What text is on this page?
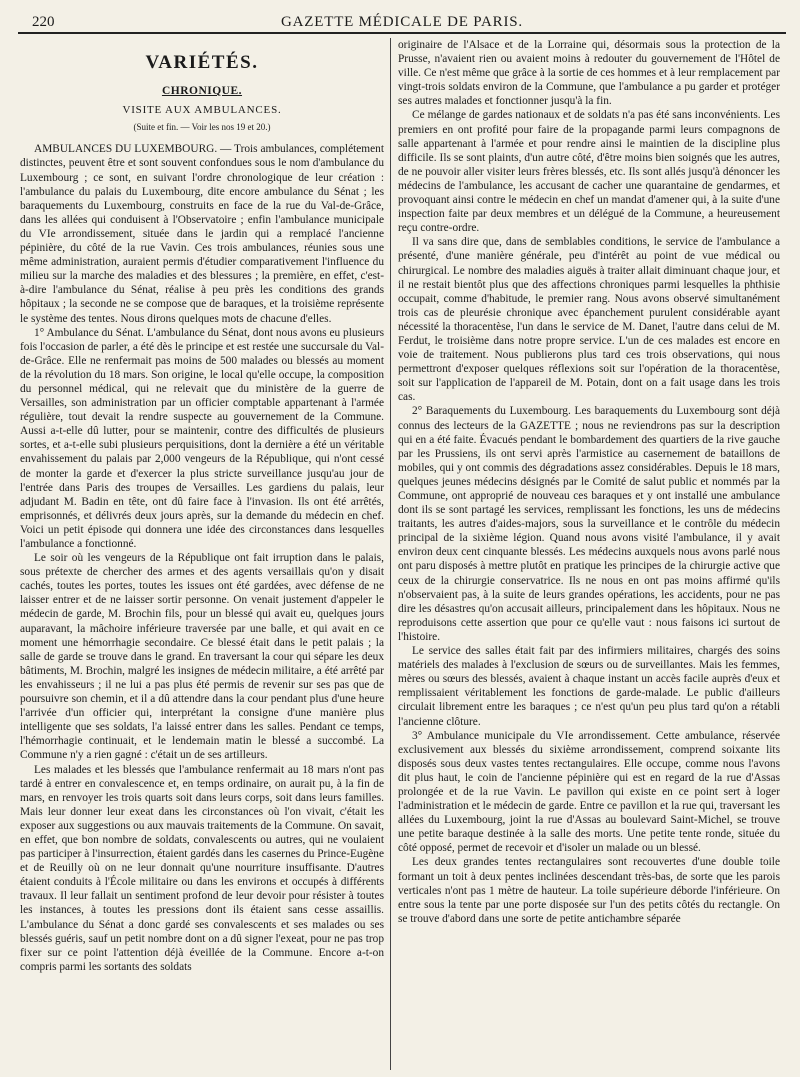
220	GAZETTE MÉDICALE DE PARIS.
VARIÉTÉS.
CHRONIQUE.
VISITE AUX AMBULANCES.
(Suite et fin. — Voir les nos 19 et 20.)

AMBULANCES DU LUXEMBOURG. — Trois ambulances, complétement distinctes, peuvent être et sont souvent confondues sous le nom d'ambulance du Luxembourg ; ce sont, en suivant l'ordre chronologique de leur création : l'ambulance du palais du Luxembourg, dite encore ambulance du Sénat ; les baraquements du Luxembourg, construits en face de la rue du Val-de-Grâce, dans les allées qui conduisent à l'Observatoire ; enfin l'ambulance municipale du VIe arrondissement, située dans le jardin qui a remplacé l'ancienne pépinière, du côté de la rue Vavin. Ces trois ambulances, réunies sous une même administration, auraient permis d'étudier comparativement l'influence du milieu sur la marche des maladies et des blessures ; la première, en effet, c'est-à-dire l'ambulance du Sénat, réalise à peu près les conditions des grands hôpitaux ; la seconde ne se compose que de baraques, et la troisième représente le système des tentes. Nous dirons quelques mots de chacune d'elles.

1° Ambulance du Sénat. L'ambulance du Sénat, dont nous avons eu plusieurs fois l'occasion de parler, a été dès le principe et est restée une succursale du Val-de-Grâce. Elle ne renfermait pas moins de 500 malades ou blessés au moment de la révolution du 18 mars. Son origine, le local qu'elle occupe, la composition du personnel médical, qui ne relevait que du ministère de la guerre de Versailles, son administration par un officier comptable appartenant à l'armée régulière, tout devait la rendre suspecte au gouvernement de la Commune. Aussi a-t-elle dû lutter, pour se maintenir, contre des difficultés de plusieurs sortes, et a-t-elle subi plusieurs perquisitions, dont la dernière a été un véritable envahissement du palais par 2,000 vengeurs de la République, qui n'ont cessé de monter la garde et d'exercer la plus stricte surveillance jusqu'au jour de l'entrée dans Paris des troupes de Versailles. Les gardiens du palais, leur adjudant M. Badin en tête, ont dû faire face à l'invasion. Ils ont été arrêtés, emprisonnés, et délivrés deux jours après, sur la demande du médecin en chef. Voici un petit épisode qui donnera une idée des circonstances dans lesquelles l'ambulance a fonctionné.

Le soir où les vengeurs de la République ont fait irruption dans le palais, sous prétexte de chercher des armes et des agents versaillais qu'on y disait cachés, toutes les portes, toutes les issues ont été gardées, avec défense de ne laisser entrer et de ne laisser sortir personne. On venait justement d'appeler le médecin de garde, M. Brochin fils, pour un blessé qui avait eu, quelques jours auparavant, la mâchoire inférieure traversée par une balle, et qui avait en ce moment une hémorrhagie secondaire. Ce blessé était dans le petit palais ; la salle de garde se trouve dans le grand. En traversant la cour qui sépare les deux bâtiments, M. Brochin, malgré les insignes de médecin militaire, a été arrêté par les envahisseurs ; il ne lui a pas plus été permis de revenir sur ses pas que de poursuivre son chemin, et il a dû attendre dans la cour pendant plus d'une heure l'arrivée d'un officier qui, interprétant la consigne d'une manière plus intelligente que ses soldats, l'a laissé entrer dans les salles. Pendant ce temps, l'hémorrhagie continuait, et le lendemain matin le blessé a succombé. La Commune n'y a rien gagné : c'était un de ses artilleurs.

Les malades et les blessés que l'ambulance renfermait au 18 mars n'ont pas tardé à entrer en convalescence et, en temps ordinaire, on aurait pu, à la fin de mars, en renvoyer les trois quarts soit dans leurs corps, soit dans leurs familles. Mais leur donner leur exeat dans les circonstances où l'on vivait, c'était les exposer aux suggestions ou aux mauvais traitements de la Commune. On savait, en effet, que bon nombre de soldats, convalescents ou autres, qui ne voulaient pas participer à l'insurrection, étaient gardés dans les casernes du Prince-Eugène et de Reuilly où on ne leur donnait qu'une nourriture insuffisante. D'autres étaient conduits à l'École militaire ou dans les environs et occupés à différents travaux. Il leur fallait un sentiment profond de leur devoir pour résister à toutes les instances, à toutes les pressions dont ils étaient sans cesse assaillis. L'ambulance du Sénat a donc gardé ses convalescents et ses malades ou ses blessés guéris, sauf un petit nombre dont on a dû signer l'exeat, pour ne pas trop fixer sur ce point l'attention déjà éveillée de la Commune. Encore a-t-on compris parmi les sortants des soldats

originaire de l'Alsace et de la Lorraine qui, désormais sous la protection de la Prusse, n'avaient rien ou avaient moins à redouter du gouvernement de l'Hôtel de ville. Ce n'est même que grâce à la sortie de ces hommes et à leur remplacement par vingt-trois soldats environ de la Commune, que l'ambulance a pu garder et protéger ses autres malades et fonctionner jusqu'à la fin.

Ce mélange de gardes nationaux et de soldats n'a pas été sans inconvénients. Les premiers en ont profité pour faire de la propagande parmi leurs compagnons de salle appartenant à l'armée et pour rendre ainsi le maintien de la discipline plus difficile. Ils se sont plaints, d'un autre côté, d'être moins bien soignés que les autres, de ne pouvoir aller visiter leurs frères blessés, etc. Ils sont allés jusqu'à dénoncer les médecins de l'ambulance, les accusant de cacher une quarantaine de gendarmes, et provoquant ainsi contre le médecin en chef un mandat d'amener qui, à la suite d'une inspection faite par deux membres et un délégué de la Commune, a heureusement reçu contre-ordre.

Il va sans dire que, dans de semblables conditions, le service de l'ambulance a présenté, d'une manière générale, peu d'intérêt au point de vue médical ou chirurgical. Le nombre des maladies aiguës à traiter allait diminuant chaque jour, et il ne restait bientôt plus que des affections chroniques parmi lesquelles la phthisie occupait, comme d'habitude, le premier rang. Nous avons observé simultanément trois cas de pleurésie chronique avec épanchement purulent considérable ayant nécessité la thoracentèse, l'un dans le service de M. Danet, l'autre dans celui de M. Ferdut, le troisième dans notre propre service. L'un de ces malades est encore en voie de traitement. Nous publierons plus tard ces trois observations, qui nous permettront d'exposer quelques réflexions soit sur l'opération de la thoracentèse, soit sur l'application de l'appareil de M. Potain, dont on a fait usage dans les trois cas.

2° Baraquements du Luxembourg. Les baraquements du Luxembourg sont déjà connus des lecteurs de la GAZETTE ; nous ne reviendrons pas sur la description qui en a été faite. Évacués pendant le bombardement des quartiers de la rive gauche par les Prussiens, ils ont servi après l'armistice au casernement de bataillons de mobiles, qui y ont commis des dégradations assez considérables. Depuis le 18 mars, quelques jeunes médecins désignés par le Comité de salut public et nommés par la Commune, ont approprié de nouveau ces baraques et y ont installé une ambulance dont ils se sont partagé les services, remplissant les fonctions, les uns de médecins traitants, les autres d'aides-majors, sous la surveillance et le contrôle du médecin principal de la sixième légion. Quand nous avons visité l'ambulance, il y avait environ deux cent cinquante blessés. Les médecins auxquels nous avons parlé nous ont paru disposés à mettre plutôt en pratique les principes de la chirurgie active que ceux de la chirurgie conservatrice. Ils ne nous en ont pas moins affirmé qu'ils n'observaient pas, à la suite de leurs grandes opérations, les accidents, pour ne pas dire les désastres qu'on accusait ailleurs, principalement dans les hôpitaux. Nous ne reproduisons cette assertion que pour ce qu'elle vaut : nous faisons ici surtout de l'histoire.

Le service des salles était fait par des infirmiers militaires, chargés des soins matériels des malades à l'exclusion de sœurs ou de surveillantes. Mais les femmes, mères ou sœurs des blessés, avaient à chaque instant un accès facile auprès d'eux et remplissaient véritablement les fonctions de garde-malade. Le public d'ailleurs circulait librement entre les baraques ; ce n'est qu'un peu plus tard qu'on a rétabli l'ancienne clôture.

3° Ambulance municipale du VIe arrondissement. Cette ambulance, réservée exclusivement aux blessés du sixième arrondissement, comprend soixante lits disposés sous deux vastes tentes rectangulaires. Elle occupe, comme nous l'avons dit plus haut, le coin de l'ancienne pépinière qui est en regard de la rue d'Assas prolongée et de la rue Vavin. Le pavillon qui existe en ce point sert à loger l'administration et le médecin de garde. Entre ce pavillon et la rue qui, traversant les allées du Luxembourg, joint la rue d'Assas au boulevard Saint-Michel, se trouve une petite baraque destinée à la salle des morts. Une petite tente ronde, située du côté opposé, permet de recevoir et d'isoler un malade ou un blessé.

Les deux grandes tentes rectangulaires sont recouvertes d'une double toile formant un toit à deux pentes inclinées descendant très-bas, de sorte que les parois verticales n'ont pas 1 mètre de hauteur. La toile supérieure déborde l'inférieure. On entre sous la tente par une porte disposée sur l'un des petits côtés du rectangle. On se trouve d'abord dans une sorte de petite antichambre séparée
